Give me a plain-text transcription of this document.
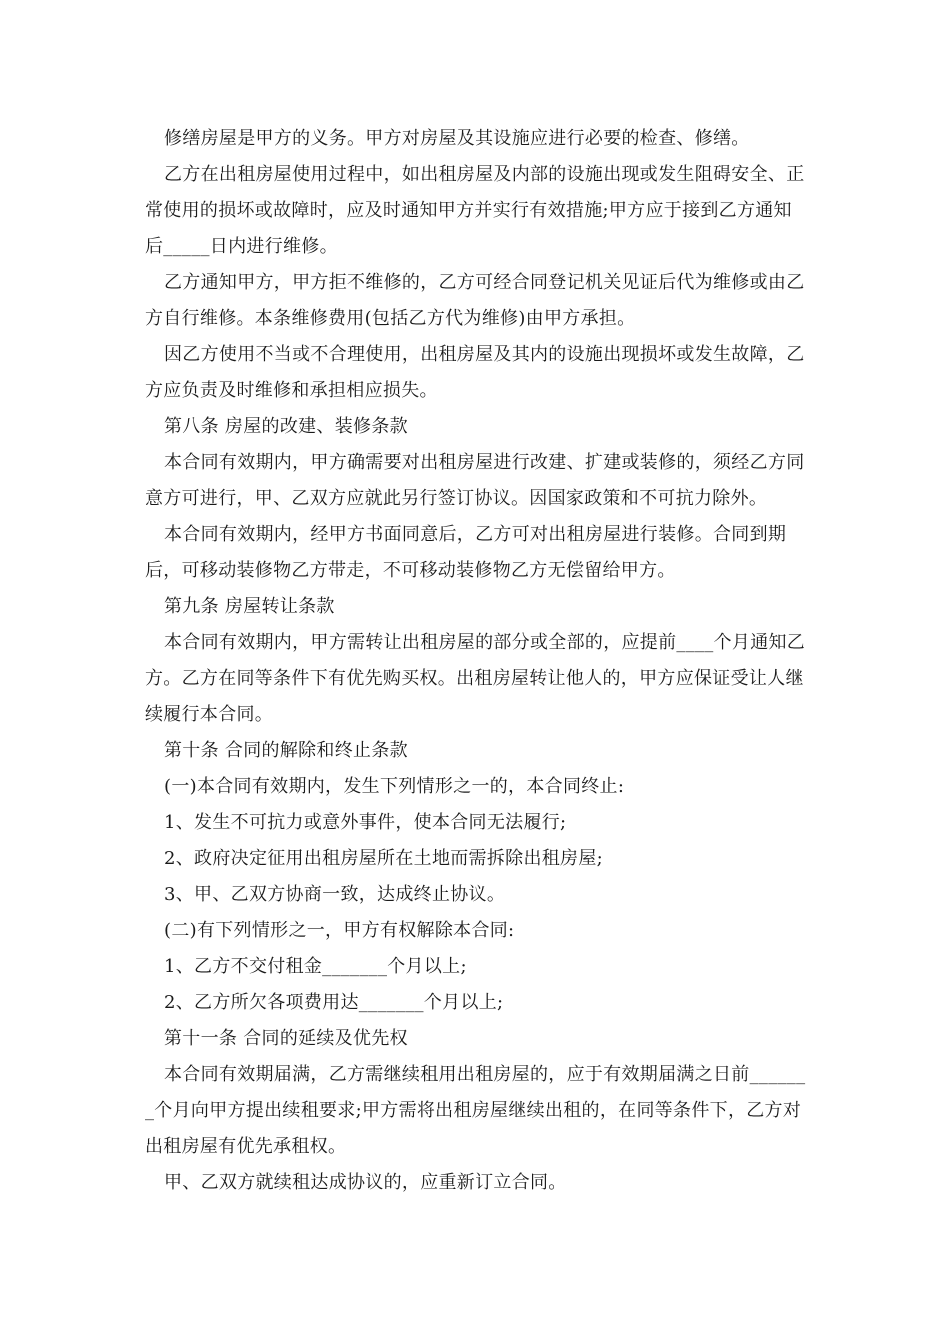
修缮房屋是甲方的义务。甲方对房屋及其设施应进行必要的检查、修缮。

乙方在出租房屋使用过程中，如出租房屋及内部的设施出现或发生阻碍安全、正常使用的损坏或故障时，应及时通知甲方并实行有效措施;甲方应于接到乙方通知后_____日内进行维修。

乙方通知甲方，甲方拒不维修的，乙方可经合同登记机关见证后代为维修或由乙方自行维修。本条维修费用(包括乙方代为维修)由甲方承担。

因乙方使用不当或不合理使用，出租房屋及其内的设施出现损坏或发生故障，乙方应负责及时维修和承担相应损失。

第八条 房屋的改建、装修条款

本合同有效期内，甲方确需要对出租房屋进行改建、扩建或装修的，须经乙方同意方可进行，甲、乙双方应就此另行签订协议。因国家政策和不可抗力除外。

本合同有效期内，经甲方书面同意后，乙方可对出租房屋进行装修。合同到期后，可移动装修物乙方带走，不可移动装修物乙方无偿留给甲方。

第九条 房屋转让条款

本合同有效期内，甲方需转让出租房屋的部分或全部的，应提前____个月通知乙方。乙方在同等条件下有优先购买权。出租房屋转让他人的，甲方应保证受让人继续履行本合同。

第十条 合同的解除和终止条款

(一)本合同有效期内，发生下列情形之一的，本合同终止:

1、发生不可抗力或意外事件，使本合同无法履行;

2、政府决定征用出租房屋所在土地而需拆除出租房屋;

3、甲、乙双方协商一致，达成终止协议。

(二)有下列情形之一，甲方有权解除本合同:

1、乙方不交付租金_______个月以上;

2、乙方所欠各项费用达_______个月以上;

第十一条 合同的延续及优先权

本合同有效期届满，乙方需继续租用出租房屋的，应于有效期届满之日前_______个月向甲方提出续租要求;甲方需将出租房屋继续出租的，在同等条件下，乙方对出租房屋有优先承租权。

甲、乙双方就续租达成协议的，应重新订立合同。
